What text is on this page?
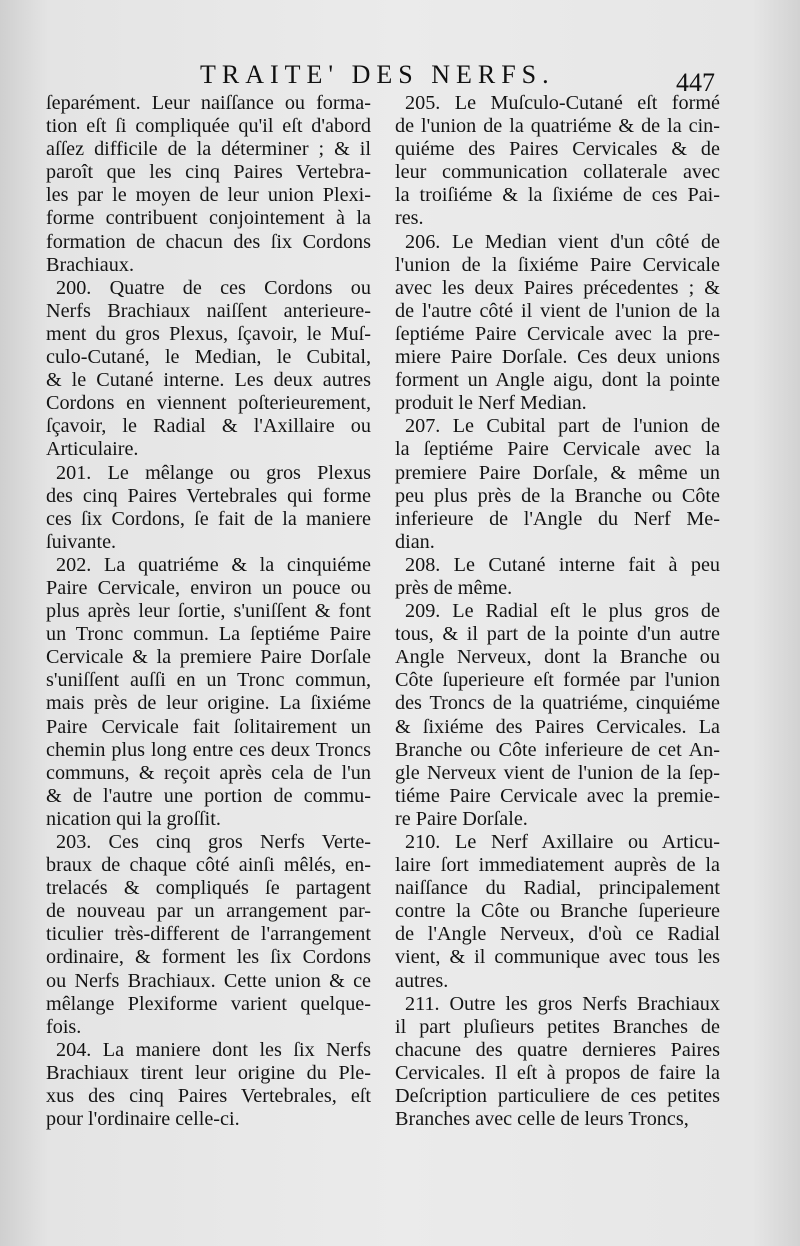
TRAITE' DES NERFS.	447
ſeparément. Leur naiſſance ou forma-
tion eſt ſi compliquée qu'il eſt d'abord
aſſez difficile de la déterminer ; & il
paroît que les cinq Paires Vertebra-
les par le moyen de leur union Plexi-
forme contribuent conjointement à la
formation de chacun des ſix Cordons
Brachiaux.
200. Quatre de ces Cordons ou
Nerfs Brachiaux naiſſent anterieure-
ment du gros Plexus, ſçavoir, le Muſ-
culo-Cutané, le Median, le Cubital,
& le Cutané interne. Les deux autres
Cordons en viennent poſterieurement,
ſçavoir, le Radial & l'Axillaire ou
Articulaire.
201. Le mêlange ou gros Plexus
des cinq Paires Vertebrales qui forme
ces ſix Cordons, ſe fait de la maniere
ſuivante.
202. La quatriéme & la cinquiéme
Paire Cervicale, environ un pouce ou
plus après leur ſortie, s'uniſſent & font
un Tronc commun. La ſeptiéme Paire
Cervicale & la premiere Paire Dorſale
s'uniſſent auſſi en un Tronc commun,
mais près de leur origine. La ſixiéme
Paire Cervicale fait ſolitairement un
chemin plus long entre ces deux Troncs
communs, & reçoit après cela de l'un
& de l'autre une portion de commu-
nication qui la groſſit.
203. Ces cinq gros Nerfs Verte-
braux de chaque côté ainſi mêlés, en-
trelacés & compliqués ſe partagent
de nouveau par un arrangement par-
ticulier très-different de l'arrangement
ordinaire, & forment les ſix Cordons
ou Nerfs Brachiaux. Cette union & ce
mêlange Plexiforme varient quelque-
fois.
204. La maniere dont les ſix Nerfs
Brachiaux tirent leur origine du Ple-
xus des cinq Paires Vertebrales, eſt
pour l'ordinaire celle-ci.
205. Le Muſculo-Cutané eſt formé
de l'union de la quatriéme & de la cin-
quiéme des Paires Cervicales & de
leur communication collaterale avec
la troiſiéme & la ſixiéme de ces Pai-
res.
206. Le Median vient d'un côté de
l'union de la ſixiéme Paire Cervicale
avec les deux Paires précedentes ; &
de l'autre côté il vient de l'union de la
ſeptiéme Paire Cervicale avec la pre-
miere Paire Dorſale. Ces deux unions
forment un Angle aigu, dont la pointe
produit le Nerf Median.
207. Le Cubital part de l'union de
la ſeptiéme Paire Cervicale avec la
premiere Paire Dorſale, & même un
peu plus près de la Branche ou Côte
inferieure de l'Angle du Nerf Me-
dian.
208. Le Cutané interne fait à peu
près de même.
209. Le Radial eſt le plus gros de
tous, & il part de la pointe d'un autre
Angle Nerveux, dont la Branche ou
Côte ſuperieure eſt formée par l'union
des Troncs de la quatriéme, cinquiéme
& ſixiéme des Paires Cervicales. La
Branche ou Côte inferieure de cet An-
gle Nerveux vient de l'union de la ſep-
tiéme Paire Cervicale avec la premie-
re Paire Dorſale.
210. Le Nerf Axillaire ou Articu-
laire ſort immediatement auprès de la
naiſſance du Radial, principalement
contre la Côte ou Branche ſuperieure
de l'Angle Nerveux, d'où ce Radial
vient, & il communique avec tous les
autres.
211. Outre les gros Nerfs Brachiaux
il part pluſieurs petites Branches de
chacune des quatre dernieres Paires
Cervicales. Il eſt à propos de faire la
Deſcription particuliere de ces petites
Branches avec celle de leurs Troncs,
